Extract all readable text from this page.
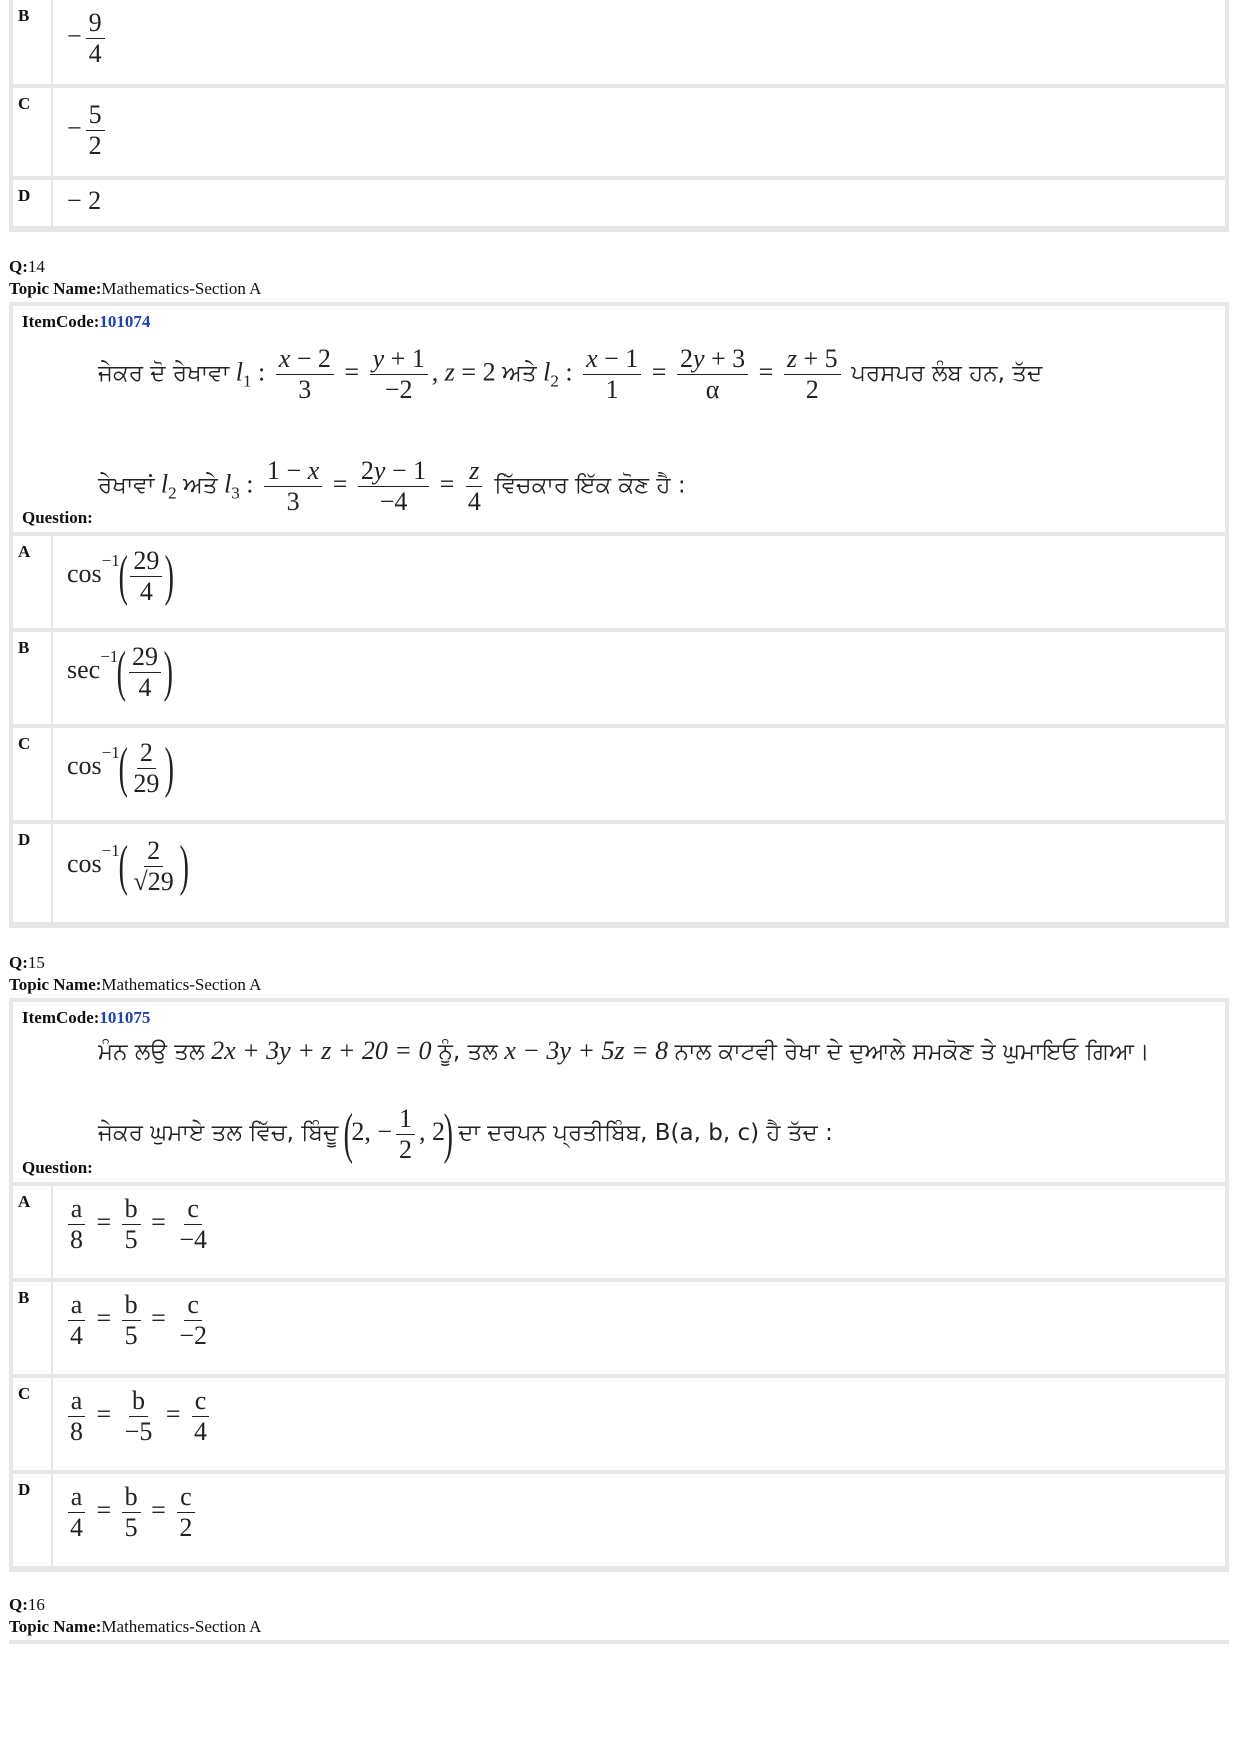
B
− $\frac{9}{4}$
C
− $\frac{5}{2}$
D − 2
Q:14
Topic Name:Mathematics-Section A
ItemCode:101074
ਜੇਕਰ ਦੋ ਰੇਖਾਵਾ $l_1$ : $\frac{x - 2}{3} = \frac{y + 1}{-2}$ , z = 2 ਅਤੇ $l_2$ : $\frac{x - 1}{1} = \frac{2y + 3}{\alpha} = \frac{z + 5}{2}$ ਪਰਸਪਰ ਲੰਬ ਹਨ, ਤੱਦ
ਰੇਖਾਵਾਂ $l_2$ ਅਤੇ $l_3$ : $\frac{1 - x}{3} = \frac{2y - 1}{-4} = \frac{z}{4}$ ਵਿੱਚਕਾਰ ਇੱਕ ਕੋਣ ਹੈ :
Question:
A
$\cos^{-1}( \frac{29}{4}$ )
B
$\sec^{-1}( \frac{29}{4}$ )
C
$\cos^{-1}( \frac{2}{29}$ )
D
$\cos^{-1}( \frac{2}{√29}$ )
Q:15
Topic Name:Mathematics-Section A
ItemCode:101075
ਮੰਨ ਲਉ ਤਲ 2x + 3y + z + 20 = 0 ਨੂੰ, ਤਲ x − 3y + 5z = 8 ਨਾਲ ਕਾਟਵੀ ਰੇਖਾ ਦੇ ਦੁਆਲੇ ਸਮਕੋਣ ਤੇ ਘੁਮਾਇਓ ਗਿਆ।
ਜੇਕਰ ਘੁਮਾਏ ਤਲ ਵਿੱਚ, ਬਿੰਦੂ (2, − $\frac{1}{2}$ , 2) ਦਾ ਦਰਪਨ ਪ੍ਰਤੀਬਿੰਬ, B(a, b, c) ਹੈ ਤੱਦ :
Question:
A $\frac{a}{8} = \frac{b}{5} = \frac{c}{-4}$
B $\frac{a}{4} = \frac{b}{5} = \frac{c}{-2}$
C $\frac{a}{8} = \frac{b}{-5} = \frac{c}{4}$
D $\frac{a}{4} = \frac{b}{5} = \frac{c}{2}$
Q:16
Topic Name:Mathematics-Section A
